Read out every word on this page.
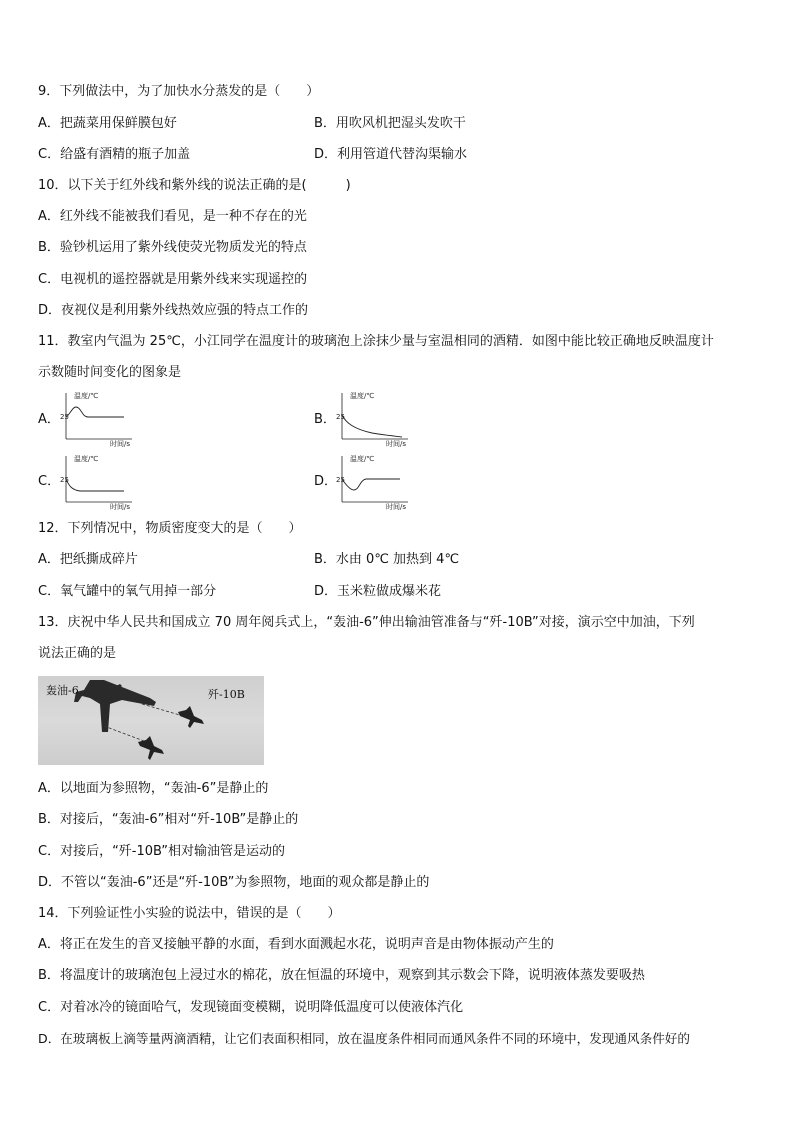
9．下列做法中，为了加快水分蒸发的是（　　）
A．把蔬菜用保鲜膜包好	B．用吹风机把湿头发吹干
C．给盛有酒精的瓶子加盖	D．利用管道代替沟渠输水
10．以下关于红外线和紫外线的说法正确的是(　　　)
A．红外线不能被我们看见，是一种不存在的光
B．验钞机运用了紫外线使荧光物质发光的特点
C．电视机的遥控器就是用紫外线来实现遥控的
D．夜视仪是利用紫外线热效应强的特点工作的
11．教室内气温为 25℃，小江同学在温度计的玻璃泡上涂抹少量与室温相同的酒精．如图中能比较正确地反映温度计
示数随时间变化的图象是
A．
温度/℃
25
时间/s
B．
温度/℃
25
时间/s
C．
温度/℃
25
时间/s
D．
温度/℃
25
时间/s
12．下列情况中，物质密度变大的是（　　）
A．把纸撕成碎片	B．水由 0℃ 加热到 4℃
C．氧气罐中的氧气用掉一部分	D．玉米粒做成爆米花
13．庆祝中华人民共和国成立 70 周年阅兵式上，“轰油-6”伸出输油管准备与“歼-10B”对接，演示空中加油，下列
说法正确的是
轰油-6	歼-10B
A．以地面为参照物，“轰油-6”是静止的
B．对接后，“轰油-6”相对“歼-10B”是静止的
C．对接后，“歼-10B”相对输油管是运动的
D．不管以“轰油-6”还是“歼-10B”为参照物，地面的观众都是静止的
14．下列验证性小实验的说法中，错误的是（　　）
A．将正在发生的音叉接触平静的水面，看到水面溅起水花，说明声音是由物体振动产生的
B．将温度计的玻璃泡包上浸过水的棉花，放在恒温的环境中，观察到其示数会下降，说明液体蒸发要吸热
C．对着冰冷的镜面哈气，发现镜面变模糊，说明降低温度可以使液体汽化
D．在玻璃板上滴等量两滴酒精，让它们表面积相同，放在温度条件相同而通风条件不同的环境中，发现通风条件好的
